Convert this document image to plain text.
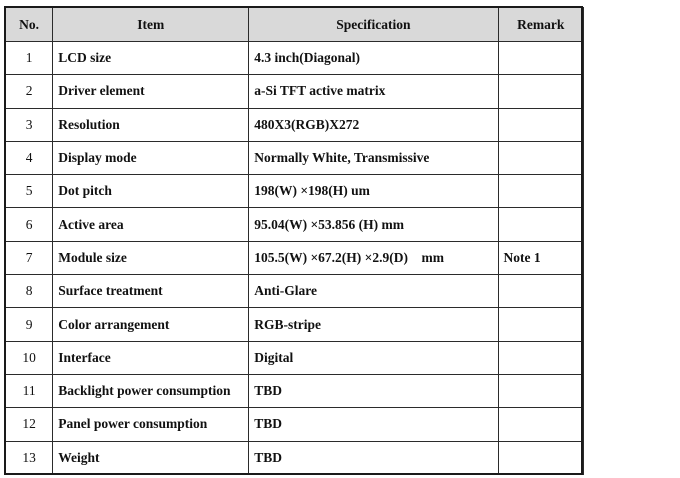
No.	Item	Specification	Remark
1	LCD size	4.3 inch(Diagonal)	
2	Driver element	a-Si TFT active matrix	
3	Resolution	480X3(RGB)X272	
4	Display mode	Normally White, Transmissive	
5	Dot pitch	198(W) ×198(H) um	
6	Active area	95.04(W) ×53.856 (H) mm	
7	Module size	105.5(W) ×67.2(H) ×2.9(D)    mm	Note 1
8	Surface treatment	Anti-Glare	
9	Color arrangement	RGB-stripe	
10	Interface	Digital	
11	Backlight power consumption	TBD	
12	Panel power consumption	TBD	
13	Weight	TBD	
